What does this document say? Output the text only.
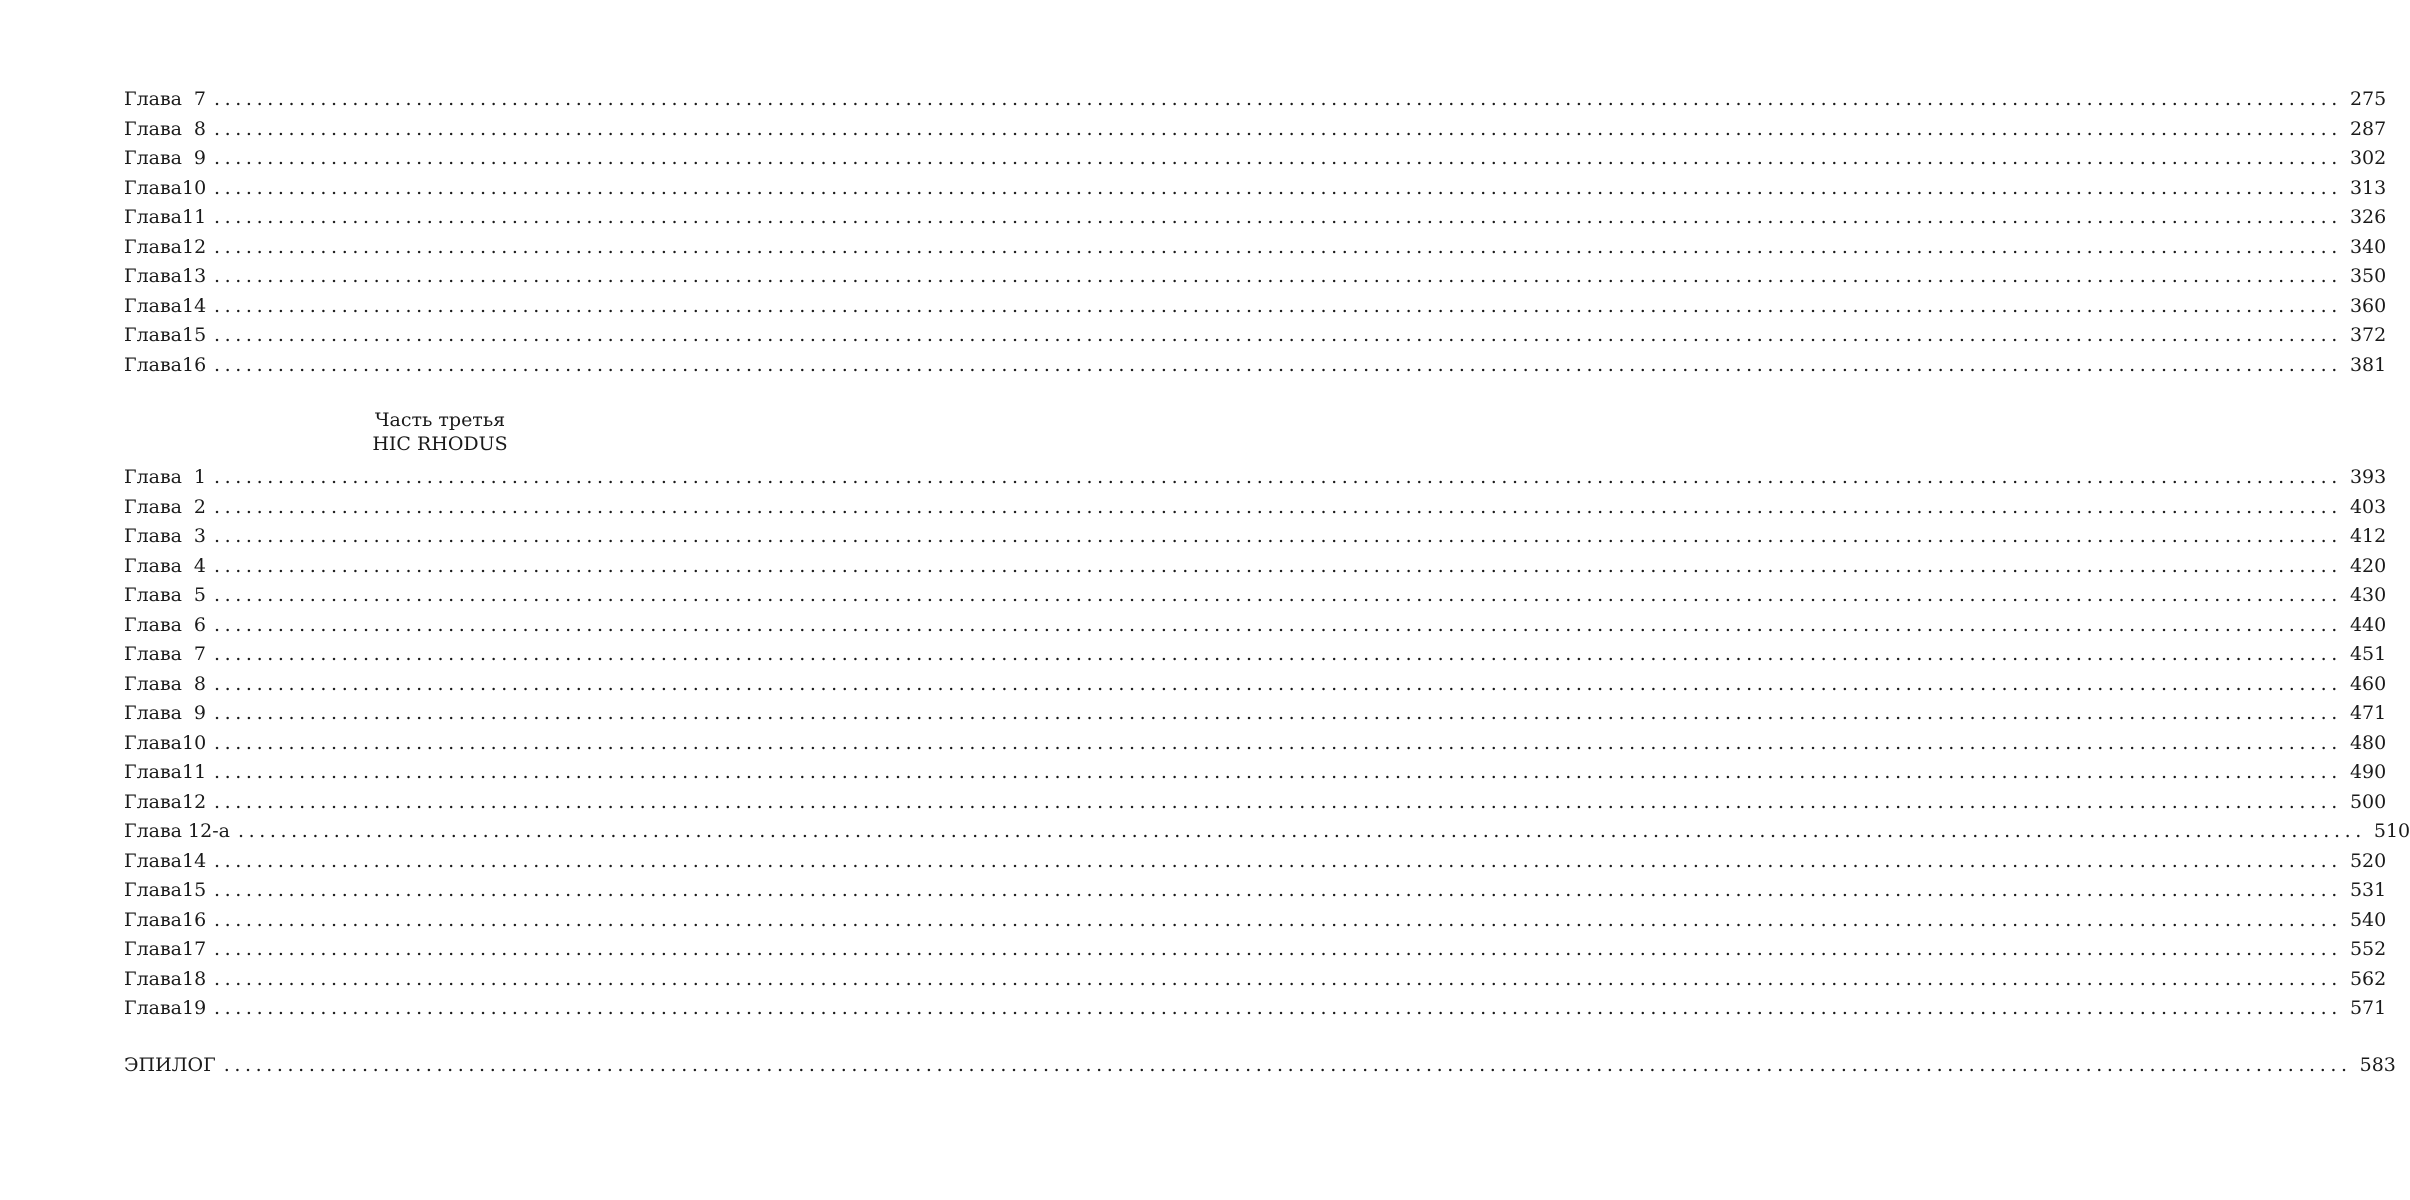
Глава 7 ........................................................................................................................................................................................................ 275
Глава 8 ........................................................................................................................................................................................................ 287
Глава 9 ........................................................................................................................................................................................................ 302
Глава10 ........................................................................................................................................................................................................ 313
Глава11 ........................................................................................................................................................................................................ 326
Глава12 ........................................................................................................................................................................................................ 340
Глава13 ........................................................................................................................................................................................................ 350
Глава14 ........................................................................................................................................................................................................ 360
Глава15 ........................................................................................................................................................................................................ 372
Глава16 ........................................................................................................................................................................................................ 381
Часть третья
HIC RHODUS
Глава 1 ........................................................................................................................................................................................................ 393
Глава 2 ........................................................................................................................................................................................................ 403
Глава 3 ........................................................................................................................................................................................................ 412
Глава 4 ........................................................................................................................................................................................................ 420
Глава 5 ........................................................................................................................................................................................................ 430
Глава 6 ........................................................................................................................................................................................................ 440
Глава 7 ........................................................................................................................................................................................................ 451
Глава 8 ........................................................................................................................................................................................................ 460
Глава 9 ........................................................................................................................................................................................................ 471
Глава10 ........................................................................................................................................................................................................ 480
Глава11 ........................................................................................................................................................................................................ 490
Глава12 ........................................................................................................................................................................................................ 500
Глава 12-а ........................................................................................................................................................................................................ 510
Глава14 ........................................................................................................................................................................................................ 520
Глава15 ........................................................................................................................................................................................................ 531
Глава16 ........................................................................................................................................................................................................ 540
Глава17 ........................................................................................................................................................................................................ 552
Глава18 ........................................................................................................................................................................................................ 562
Глава19 ........................................................................................................................................................................................................ 571
ЭПИЛОГ ........................................................................................................................................................................................................ 583
